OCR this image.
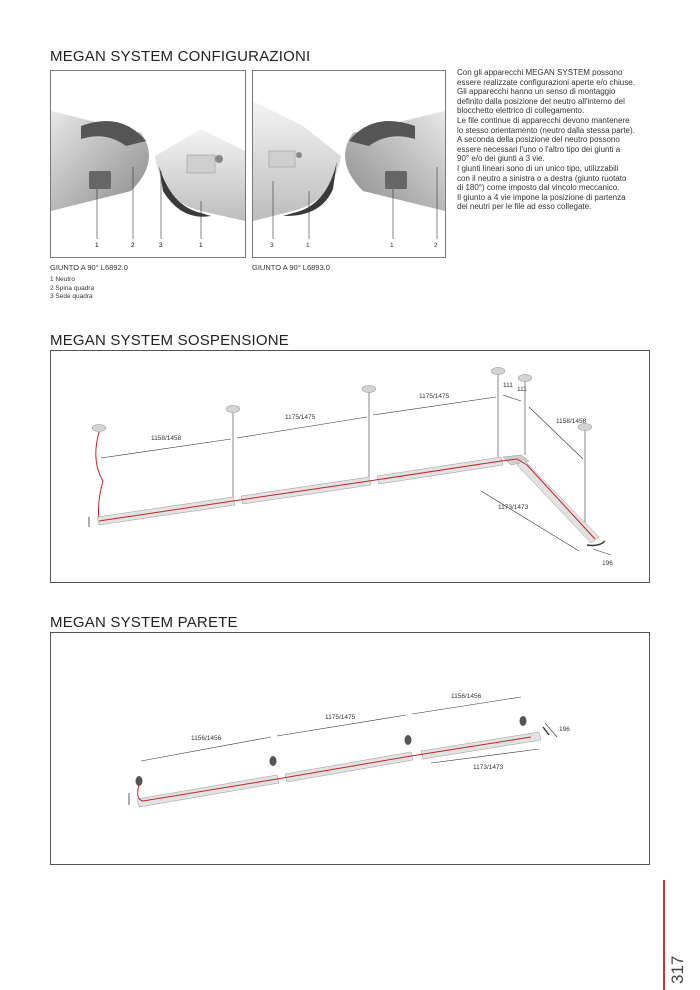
MEGAN SYSTEM CONFIGURAZIONI
1	2	3	1	3	1	1	2
GIUNTO A 90° L6892.0	GIUNTO A 90° L6893.0
1 Neutro
2 Spina quadra
3 Sede quadra

Con gli apparecchi MEGAN SYSTEM possono

essere realizzate configurazioni aperte e/o chiuse.

Gli apparecchi hanno un senso di montaggio

definito dalla posizione del neutro all'interno del

blocchetto elettrico di collegamento.

Le file continue di apparecchi devono mantenere

lo stesso orientamento (neutro dalla stessa parte).

A seconda della posizione del neutro possono

essere necessari l'uno o l'altro tipo dei giunti a

90° e/o dei giunti a 3 vie.

I giunti lineari sono di un unico tipo, utilizzabili

con il neutro a sinistra o a destra (giunto ruotato

di 180°) come imposto dal vincolo meccanico.

Il giunto a 4 vie impone la posizione di partenza

dei neutri per le file ad esso collegate.

MEGAN SYSTEM SOSPENSIONE
1158/1458
1175/1475
1175/1475
111
111
1158/1458
1173/1473
196
MEGAN SYSTEM PARETE
1156/1456
1175/1475
1156/1456
196
1173/1473
317
